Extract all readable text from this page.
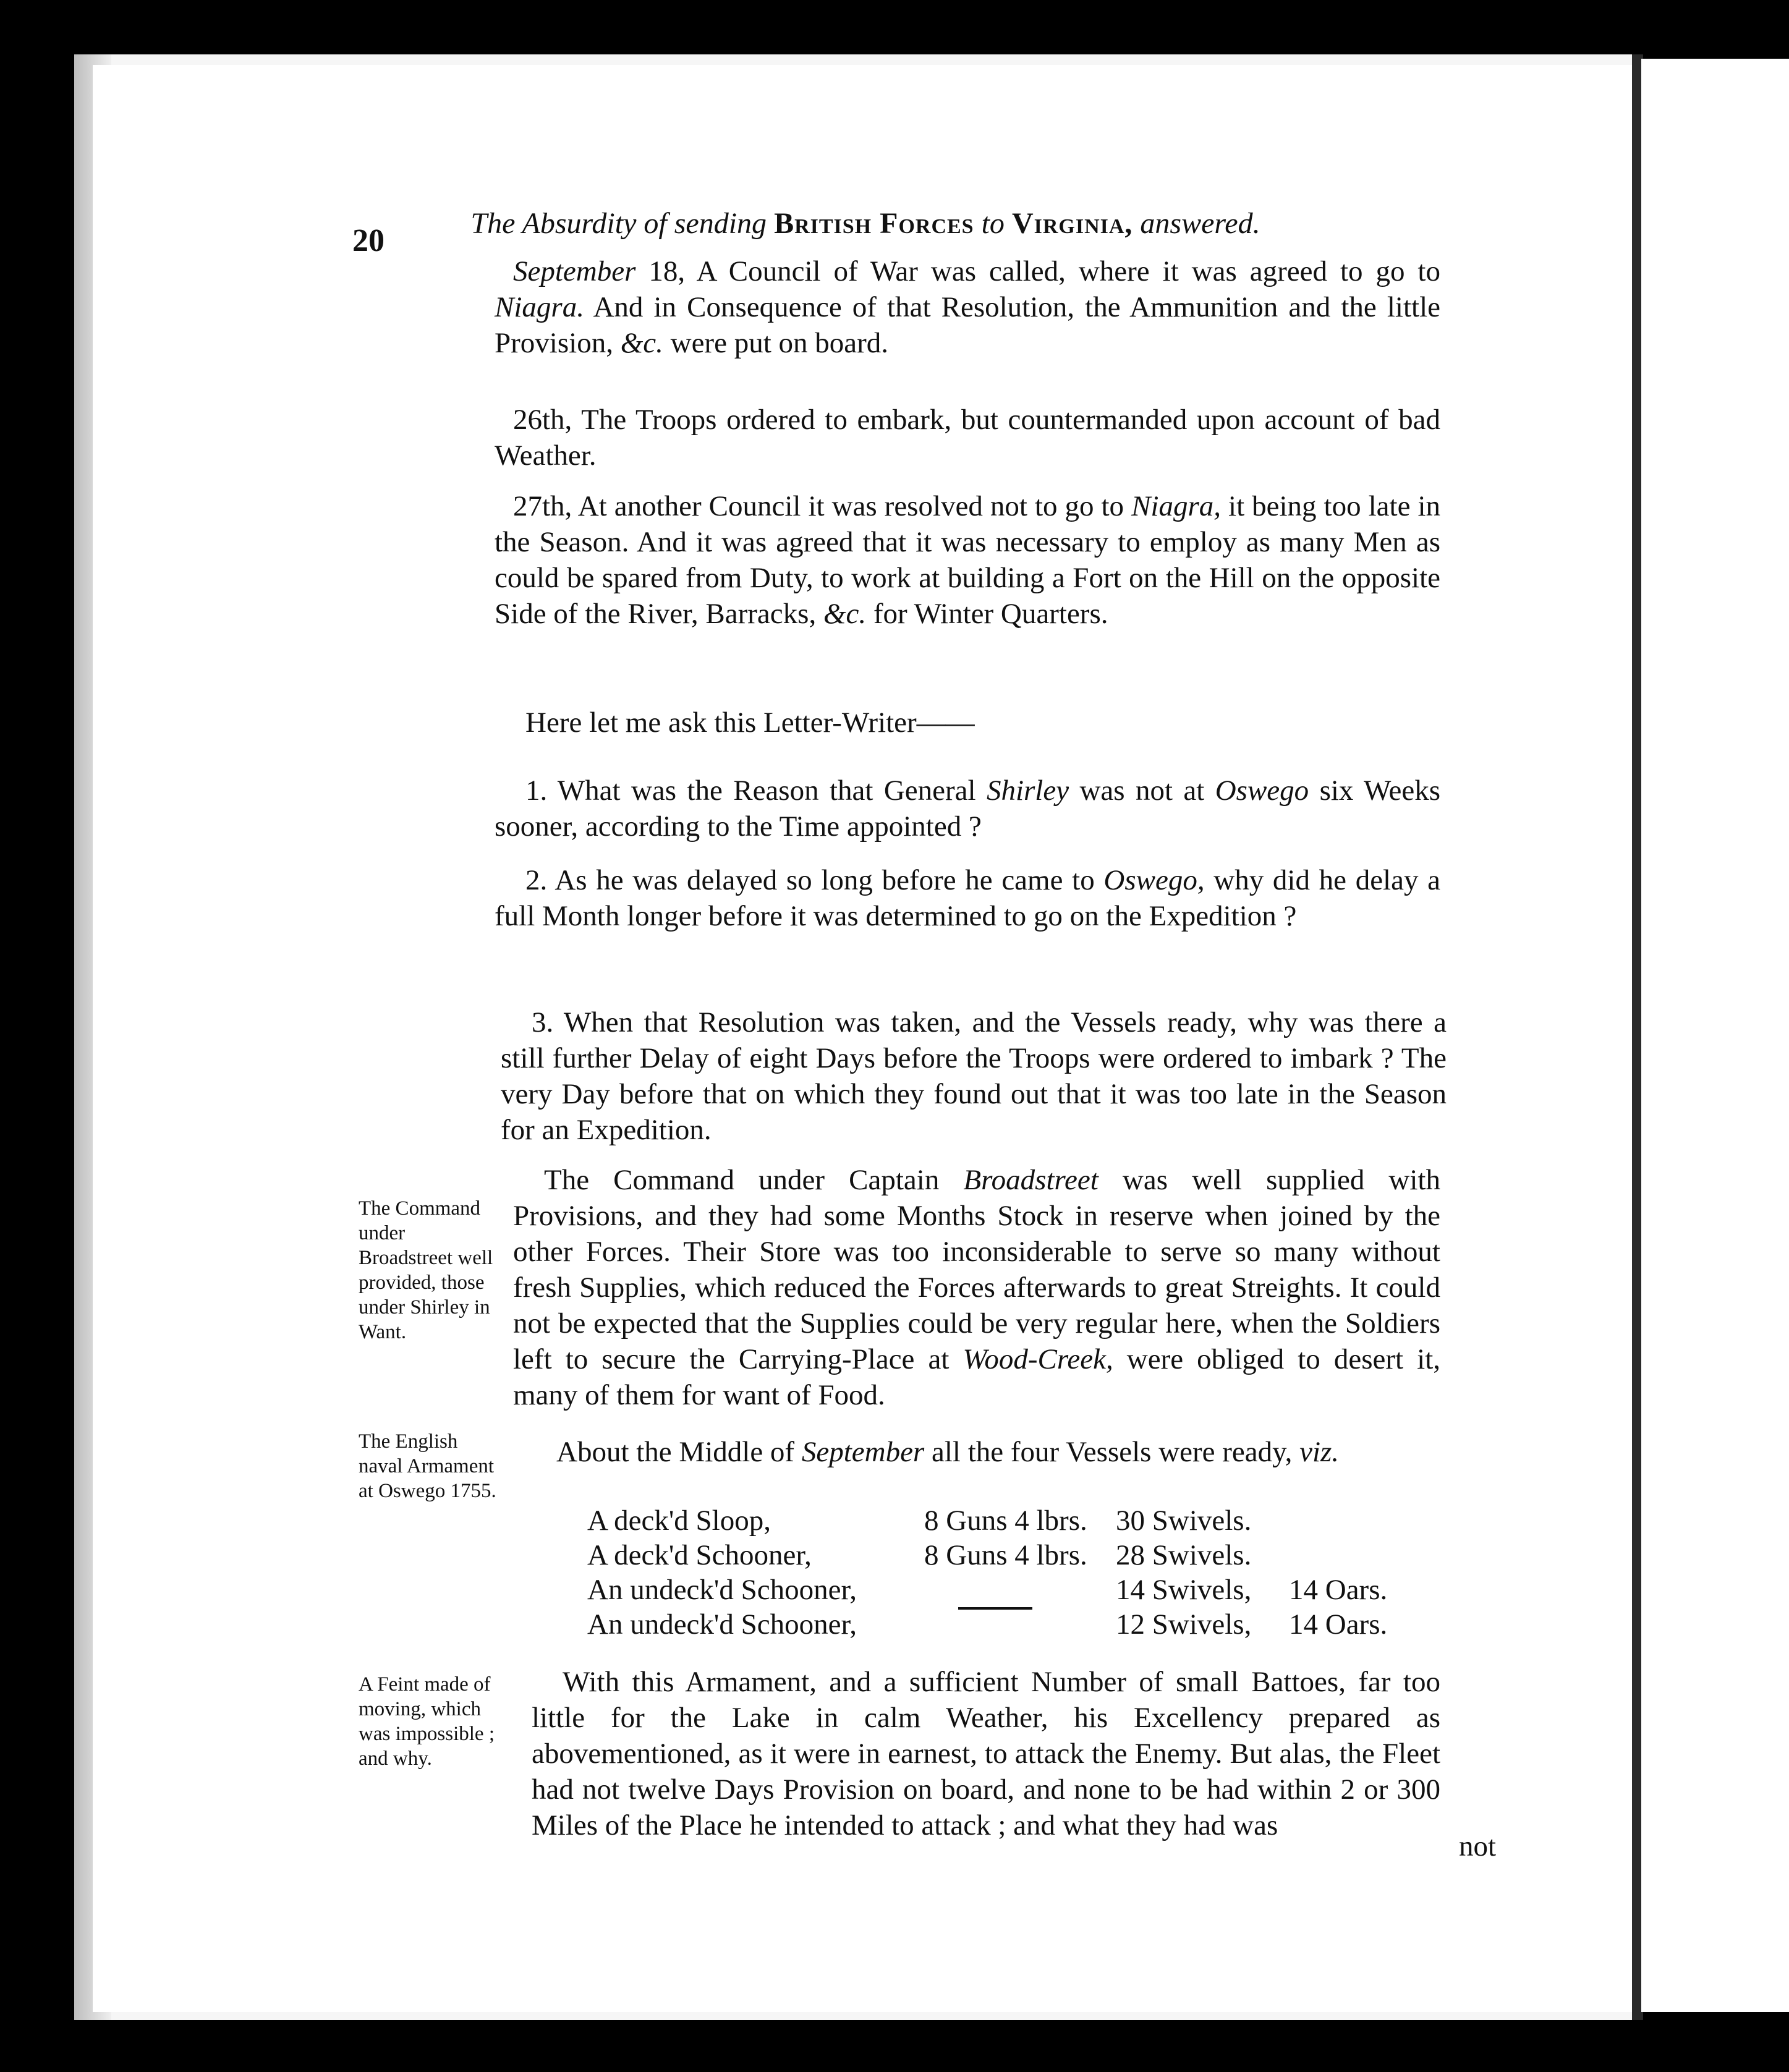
20	The Absurdity of sending British Forces to Virginia, answered.
September 18, A Council of War was called, where it was agreed to go to Niagra. And in Consequence of that Resolution, the Ammunition and the little Provision, &c. were put on board.
26th, The Troops ordered to embark, but countermanded upon account of bad Weather.
27th, At another Council it was resolved not to go to Niagra, it being too late in the Season. And it was agreed that it was necessary to employ as many Men as could be spared from Duty, to work at building a Fort on the Hill on the opposite Side of the River, Barracks, &c. for Winter Quarters.
Here let me ask this Letter-Writer——
1. What was the Reason that General Shirley was not at Oswego six Weeks sooner, according to the Time appointed ?
2. As he was delayed so long before he came to Oswego, why did he delay a full Month longer before it was determined to go on the Expedition ?
3. When that Resolution was taken, and the Vessels ready, why was there a still further Delay of eight Days before the Troops were ordered to imbark ? The very Day before that on which they found out that it was too late in the Season for an Expedition.
The Command under Captain Broadstreet was well supplied with Provisions, and they had some Months Stock in reserve when joined by the other Forces. Their Store was too inconsiderable to serve so many without fresh Supplies, which reduced the Forces afterwards to great Streights. It could not be expected that the Supplies could be very regular here, when the Soldiers left to secure the Carrying-Place at Wood-Creek, were obliged to desert it, many of them for want of Food.
The Command under Broadstreet well provided, those under Shirley in Want.
About the Middle of September all the four Vessels were ready, viz.
The English naval Armament at Oswego 1755.
A deck'd Sloop,	8 Guns 4 lbrs. 30 Swivels.
A deck'd Schooner,	8 Guns 4 lbrs. 28 Swivels.
An undeck'd Schooner,	14 Swivels, 14 Oars.
An undeck'd Schooner,	12 Swivels, 14 Oars.
A Feint made of moving, which was impossible ; and why.
With this Armament, and a sufficient Number of small Battoes, far too little for the Lake in calm Weather, his Excellency prepared as abovementioned, as it were in earnest, to attack the Enemy. But alas, the Fleet had not twelve Days Provision on board, and none to be had within 2 or 300 Miles of the Place he intended to attack ; and what they had was
not
